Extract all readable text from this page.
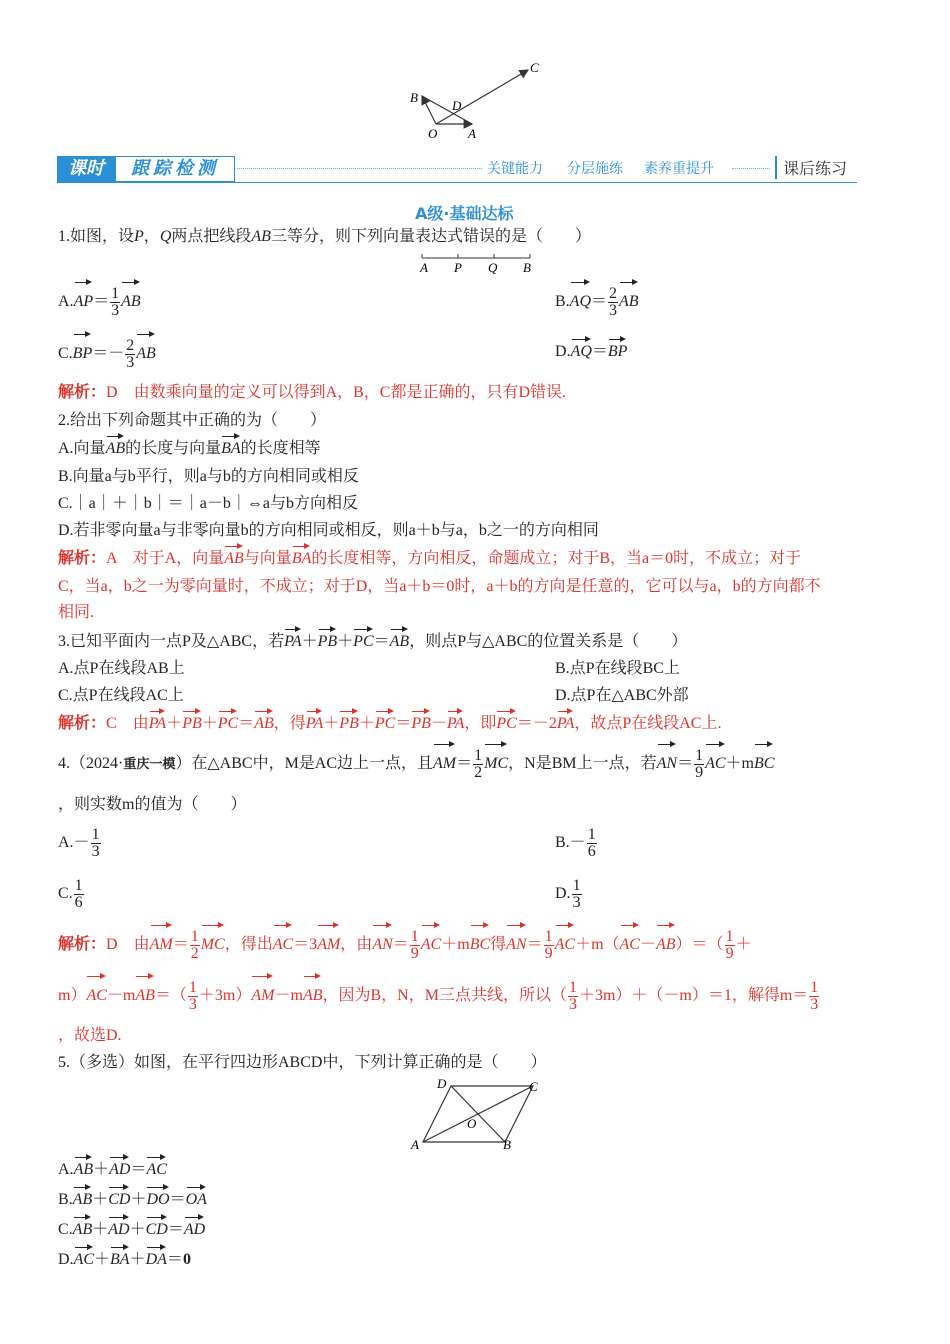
B
D
C
O A
课时	跟踪检测	关键能力 分层施练 素养重提升	课后练习
A级·基础达标
1.如图，设P，Q两点把线段AB三等分，则下列向量表达式错误的是（　　）
A P Q B
$A.AP= \frac{1}{3}$ AB	$B.AQ= \frac{2}{3}$ AB
$C.BP=- \frac{2}{3}$ AB	D.AQ＝BP
解析：D　由数乘向量的定义可以得到A，B，C都是正确的，只有D错误.
2.给出下列命题其中正确的为（　　）
A.向量AB的长度与向量BA的长度相等
B.向量a与b平行，则a与b的方向相同或相反
C.｜a｜＋｜b｜＝｜a－b｜⇔a与b方向相反
D.若非零向量a与非零向量b的方向相同或相反，则a＋b与a，b之一的方向相同
解析：A　对于A，向量AB与向量BA的长度相等，方向相反，命题成立；对于B，当a＝0时，不成立；对于
C，当a，b之一为零向量时，不成立；对于D，当a＋b＝0时，a＋b的方向是任意的，它可以与a，b的方向都不
相同.
3.已知平面内一点P及△ABC，若PA＋PB＋PC＝AB，则点P与△ABC的位置关系是（　　）
A.点P在线段AB上	B.点P在线段BC上
C.点P在线段AC上	D.点P在△ABC外部
解析：C　由PA＋PB＋PC＝AB，得PA＋PB＋PC＝PB－PA，即PC＝－2PA，故点P在线段AC上.
4.（2024·重庆一模）在△ABC中，M是AC边上一点，且$AM= \frac{1}{2}$ MC，N是BM上一点，若$AN= \frac{1}{9} AC+mBC$
，则实数m的值为（　　）
$A.- \frac{1}{3}$	$B.- \frac{1}{6}$
C. $\frac{1}{6}$	D. $\frac{1}{3}$
解析：D　由$AM= \frac{1}{2}$ MC，得出AC＝3AM，由$AN= \frac{1}{9} AC+mBC$得$AN= \frac{1}{9} AC+m(AC-AB)=( \frac{1}{9}$ ＋
$m)AC-mAB=( \frac{1}{3} +3m)AM-mAB$，因为B，N，M三点共线，所以（ $\frac{1}{3} +3m)+(-m)=1$，解得$m= \frac{1}{3}$
，故选D.
5.（多选）如图，在平行四边形ABCD中，下列计算正确的是（　　）
D	C
O
A	B
A.AB＋AD＝AC
B.AB＋CD＋DO＝OA
C.AB＋AD＋CD＝AD
D.AC＋BA＋DA＝0
